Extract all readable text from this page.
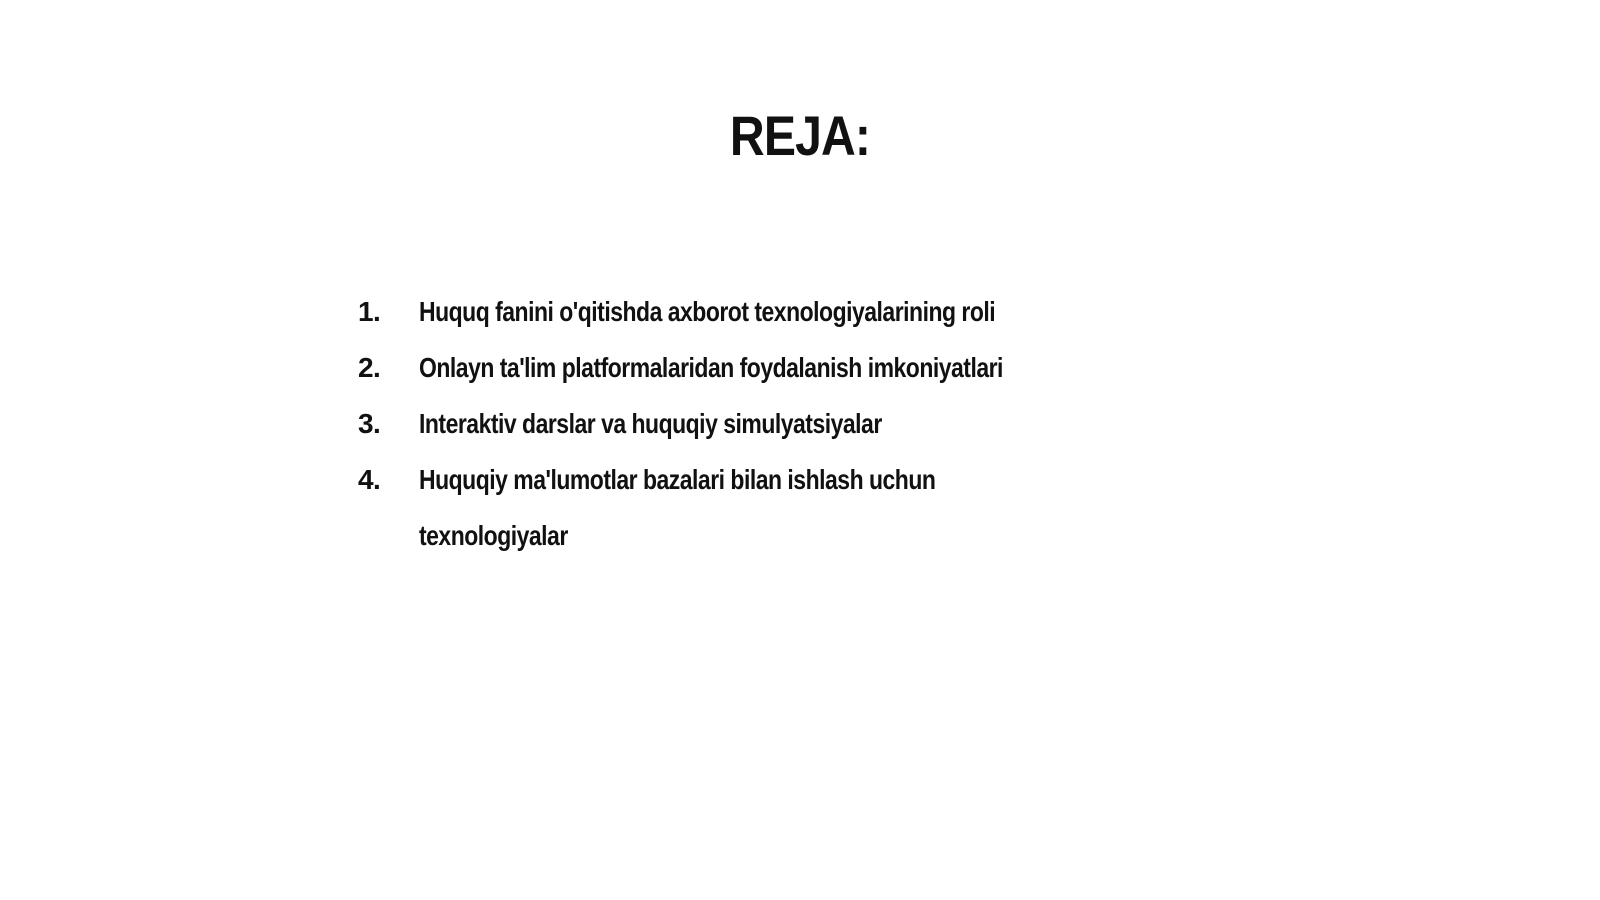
REJA:
1.	Huquq fanini o'qitishda axborot texnologiyalarining roli
2.	Onlayn ta'lim platformalaridan foydalanish imkoniyatlari
3.	Interaktiv darslar va huquqiy simulyatsiyalar
4.	Huquqiy ma'lumotlar bazalari bilan ishlash uchun
texnologiyalar
